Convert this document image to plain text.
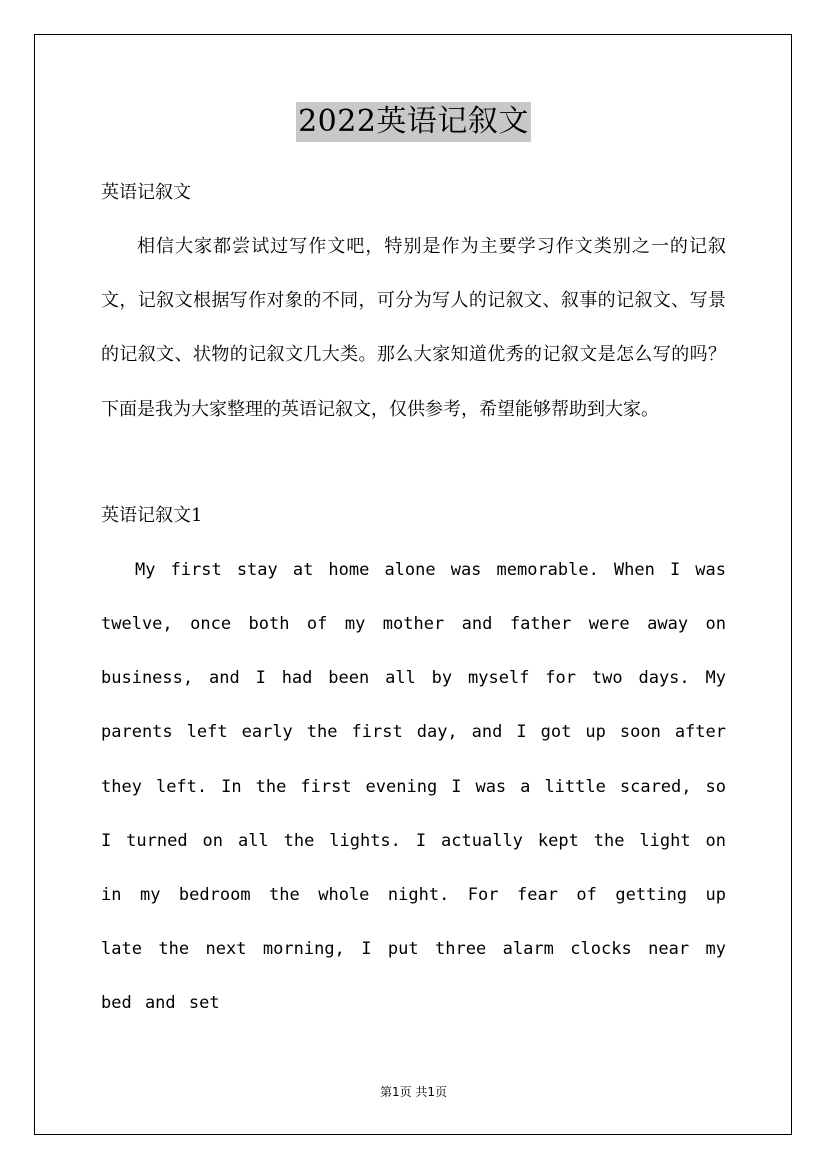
2022英语记叙文
英语记叙文

相信大家都尝试过写作文吧，特别是作为主要学习作文类别之一的记叙文，记叙文根据写作对象的不同，可分为写人的记叙文、叙事的记叙文、写景的记叙文、状物的记叙文几大类。那么大家知道优秀的记叙文是怎么写的吗？下面是我为大家整理的英语记叙文，仅供参考，希望能够帮助到大家。

英语记叙文1

My first stay at home alone was memorable. When I was twelve, once both of my mother and father were away on business, and I had been all by myself for two days. My parents left early the first day, and I got up soon after they left. In the first evening I was a little scared, so I turned on all the lights. I actually kept the light on in my bedroom the whole night. For fear of getting up late the next morning, I put three alarm clocks near my bed and set

第1页 共1页
